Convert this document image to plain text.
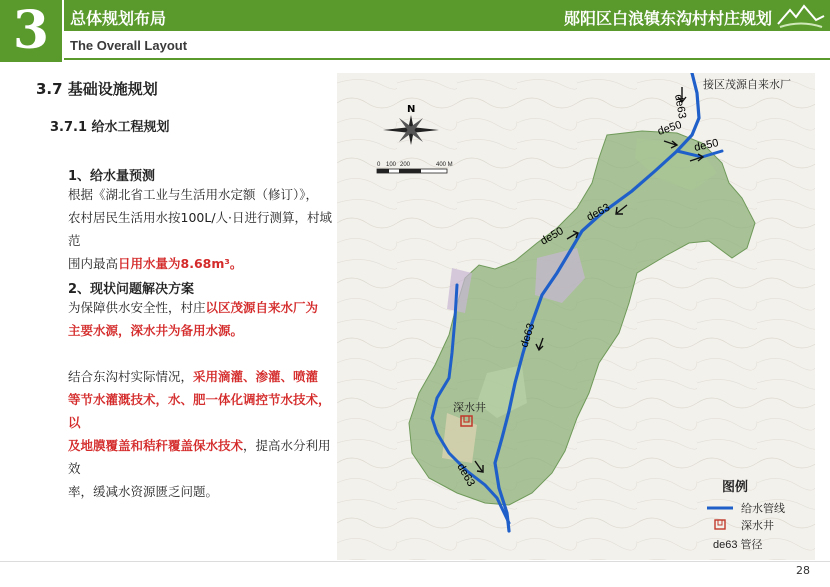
3	总体规划布局	郧阳区白浪镇东沟村村庄规划
The Overall Layout
3.7 基础设施规划
3.7.1 给水工程规划
1、给水量预测
根据《湖北省工业与生活用水定额（修订）》，
农村居民生活用水按100L/人·日进行测算，村域范
围内最高日用水量为8.68m³。
2、现状问题解决方案
为保障供水安全性，村庄以区茂源自来水厂为
主要水源，深水井为备用水源。
结合东沟村实际情况，采用滴灌、渗灌、喷灌
等节水灌溉技术，水、肥一体化调控节水技术，以
及地膜覆盖和秸秆覆盖保水技术，提高水分利用效
率，缓减水资源匮乏问题。
de63
de50
de50
de63
de50
de63
de63
接区茂源自来水厂
深水井
N
0 100 200	400 M
图例
给水管线
深水井
de63 管径
28
